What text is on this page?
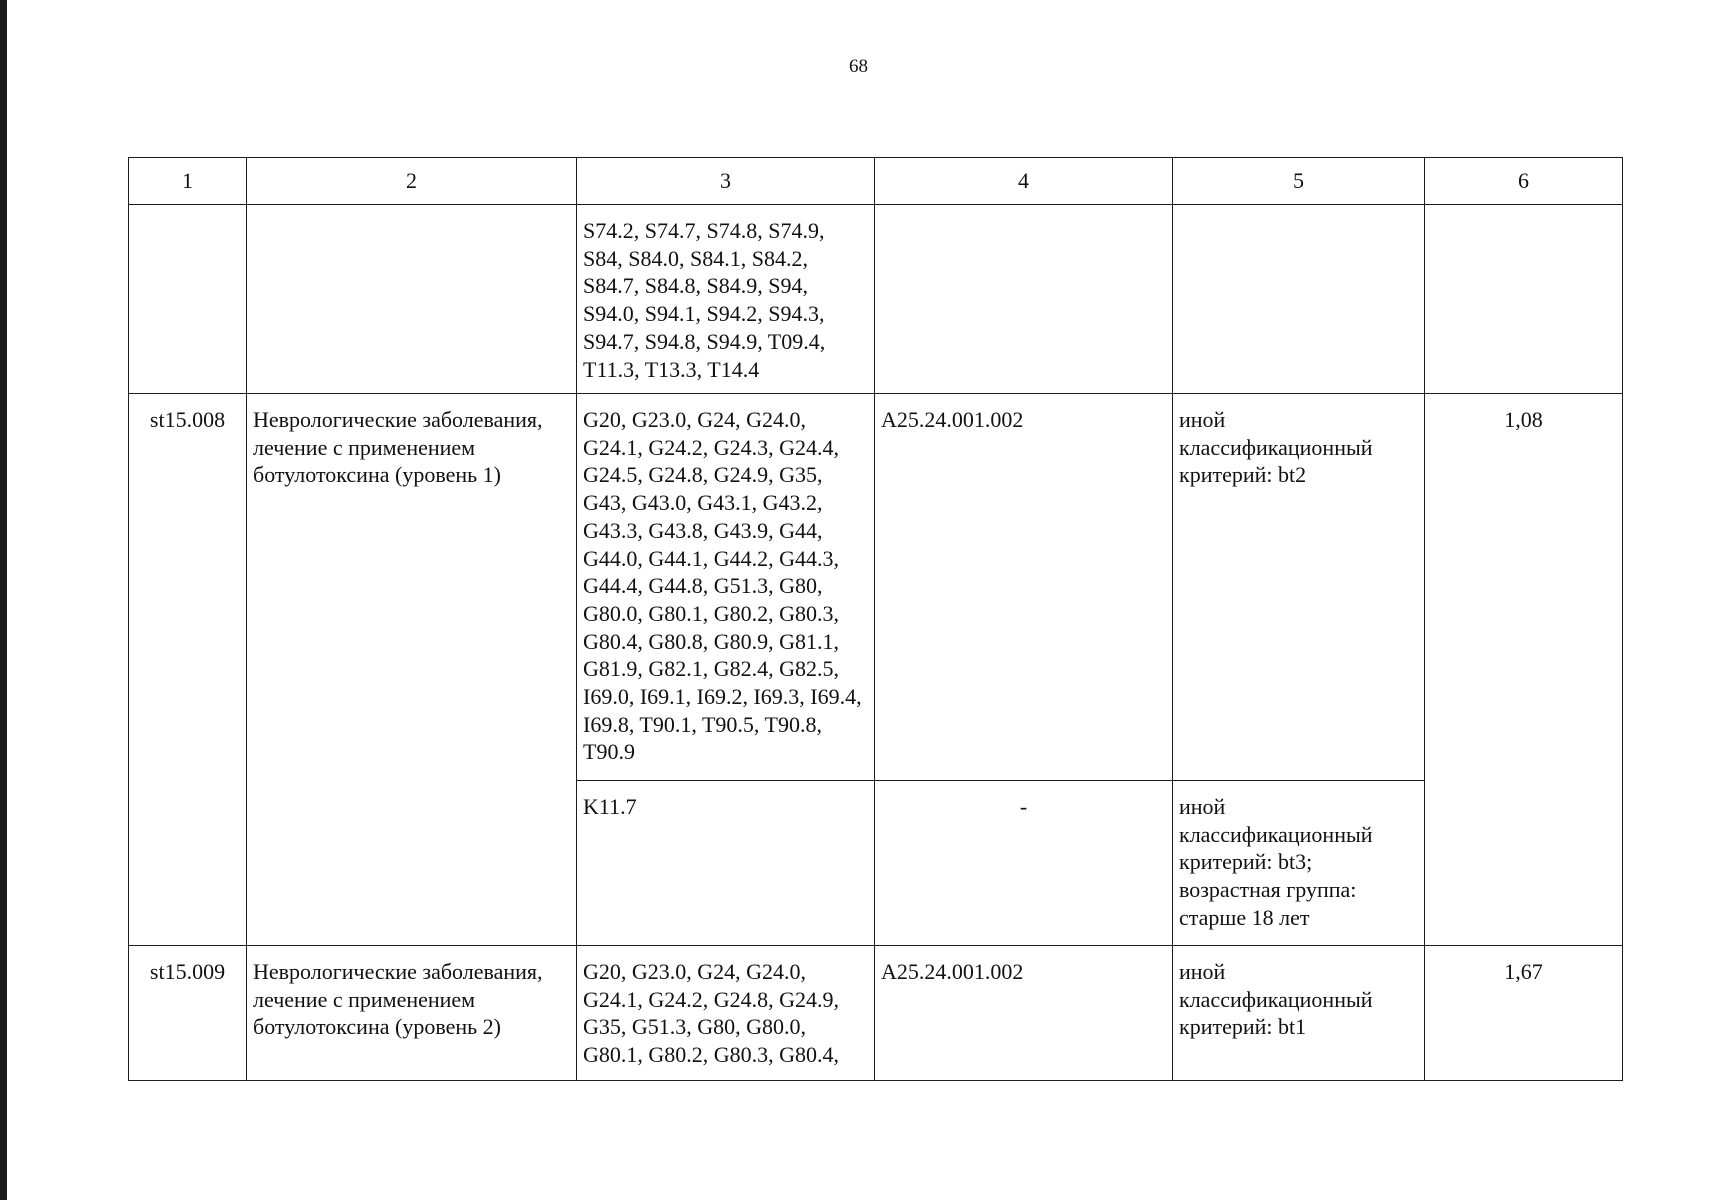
68
1	2	3	4	5	6
		S74.2, S74.7, S74.8, S74.9, S84, S84.0, S84.1, S84.2, S84.7, S84.8, S84.9, S94, S94.0, S94.1, S94.2, S94.3, S94.7, S94.8, S94.9, T09.4, T11.3, T13.3, T14.4			
st15.008	Неврологические заболевания, лечение с применением ботулотоксина (уровень 1)	G20, G23.0, G24, G24.0, G24.1, G24.2, G24.3, G24.4, G24.5, G24.8, G24.9, G35, G43, G43.0, G43.1, G43.2, G43.3, G43.8, G43.9, G44, G44.0, G44.1, G44.2, G44.3, G44.4, G44.8, G51.3, G80, G80.0, G80.1, G80.2, G80.3, G80.4, G80.8, G80.9, G81.1, G81.9, G82.1, G82.4, G82.5, I69.0, I69.1, I69.2, I69.3, I69.4, I69.8, T90.1, T90.5, T90.8, T90.9	A25.24.001.002	иной классификационный критерий: bt2	1,08
		K11.7	-	иной классификационный критерий: bt3; возрастная группа: старше 18 лет	
st15.009	Неврологические заболевания, лечение с применением ботулотоксина (уровень 2)	G20, G23.0, G24, G24.0, G24.1, G24.2, G24.8, G24.9, G35, G51.3, G80, G80.0, G80.1, G80.2, G80.3, G80.4,	A25.24.001.002	иной классификационный критерий: bt1	1,67
